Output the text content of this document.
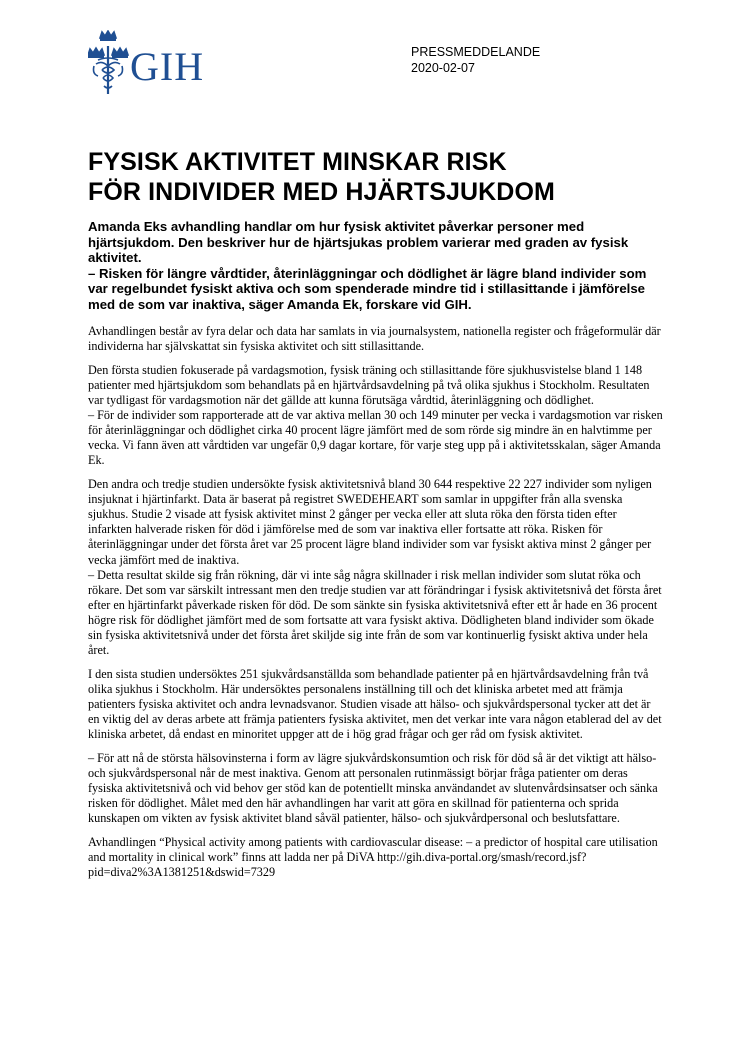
GIH	PRESSMEDDELANDE
2020-02-07
FYSISK AKTIVITET MINSKAR RISK
FÖR INDIVIDER MED HJÄRTSJUKDOM

Amanda Eks avhandling handlar om hur fysisk aktivitet påverkar personer med hjärtsjukdom. Den beskriver hur de hjärtsjukas problem varierar med graden av fysisk aktivitet.

– Risken för längre vårdtider, återinläggningar och dödlighet är lägre bland individer som var regelbundet fysiskt aktiva och som spenderade mindre tid i stillasittande i jämförelse med de som var inaktiva, säger Amanda Ek, forskare vid GIH.

Avhandlingen består av fyra delar och data har samlats in via journalsystem, nationella register och frågeformulär där individerna har självskattat sin fysiska aktivitet och sitt stillasittande.

Den första studien fokuserade på vardagsmotion, fysisk träning och stillasittande före sjukhusvistelse bland 1 148 patienter med hjärtsjukdom som behandlats på en hjärtvårdsavdelning på två olika sjukhus i Stockholm. Resultaten var tydligast för vardagsmotion när det gällde att kunna förutsäga vårdtid, återinläggning och dödlighet.
– För de individer som rapporterade att de var aktiva mellan 30 och 149 minuter per vecka i vardagsmotion var risken för återinläggningar och dödlighet cirka 40 procent lägre jämfört med de som rörde sig mindre än en halvtimme per vecka. Vi fann även att vårdtiden var ungefär 0,9 dagar kortare, för varje steg upp på i aktivitetsskalan, säger Amanda Ek.

Den andra och tredje studien undersökte fysisk aktivitetsnivå bland 30 644 respektive 22 227 individer som nyligen insjuknat i hjärtinfarkt. Data är baserat på registret SWEDEHEART som samlar in uppgifter från alla svenska sjukhus. Studie 2 visade att fysisk aktivitet minst 2 gånger per vecka eller att sluta röka den första tiden efter infarkten halverade risken för död i jämförelse med de som var inaktiva eller fortsatte att röka. Risken för återinläggningar under det första året var 25 procent lägre bland individer som var fysiskt aktiva minst 2 gånger per vecka jämfört med de inaktiva.
– Detta resultat skilde sig från rökning, där vi inte såg några skillnader i risk mellan individer som slutat röka och rökare. Det som var särskilt intressant men den tredje studien var att förändringar i fysisk aktivitetsnivå det första året efter en hjärtinfarkt påverkade risken för död. De som sänkte sin fysiska aktivitetsnivå efter ett år hade en 36 procent högre risk för dödlighet jämfört med de som fortsatte att vara fysiskt aktiva. Dödligheten bland individer som ökade sin fysiska aktivitetsnivå under det första året skiljde sig inte från de som var kontinuerlig fysiskt aktiva under hela året.

I den sista studien undersöktes 251 sjukvårdsanställda som behandlade patienter på en hjärtvårdsavdelning från två olika sjukhus i Stockholm. Här undersöktes personalens inställning till och det kliniska arbetet med att främja patienters fysiska aktivitet och andra levnadsvanor. Studien visade att hälso- och sjukvårdspersonal tycker att det är en viktig del av deras arbete att främja patienters fysiska aktivitet, men det verkar inte vara någon etablerad del av det kliniska arbetet, då endast en minoritet uppger att de i hög grad frågar och ger råd om fysisk aktivitet.

– För att nå de största hälsovinsterna i form av lägre sjukvårdskonsumtion och risk för död så är det viktigt att hälso- och sjukvårdspersonal når de mest inaktiva. Genom att personalen rutinmässigt börjar fråga patienter om deras fysiska aktivitetsnivå och vid behov ger stöd kan de potentiellt minska användandet av slutenvårdsinsatser och sänka risken för dödlighet. Målet med den här avhandlingen har varit att göra en skillnad för patienterna och sprida kunskapen om vikten av fysisk aktivitet bland såväl patienter, hälso- och sjukvårdpersonal och beslutsfattare.

Avhandlingen “Physical activity among patients with cardiovascular disease: – a predictor of hospital care utilisation and mortality in clinical work” finns att ladda ner på DiVA http://gih.diva-portal.org/smash/record.jsf?pid=diva2%3A1381251&dswid=7329
